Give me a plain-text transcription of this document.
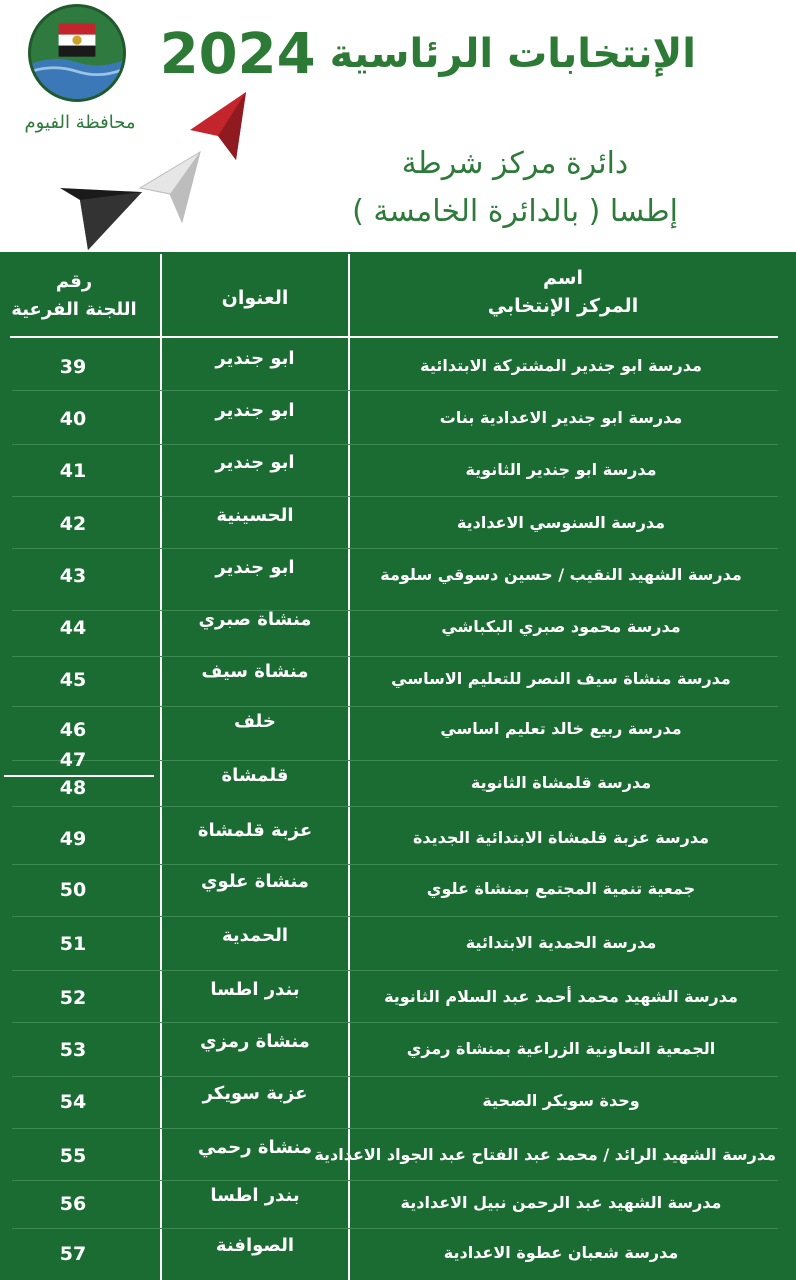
محافظة الفيوم
الإنتخابات الرئاسية2024
دائرة مركز شرطة
إطسا ( بالدائرة الخامسة )
اسم
المركز الإنتخابي
العنوان
رقم
اللجنة الفرعية
مدرسة ابو جندير المشتركة الابتدائية
ابو جندير
39
مدرسة ابو جندير الاعدادية بنات
ابو جندير
40
مدرسة ابو جندير الثانوية
ابو جندير
41
مدرسة السنوسي الاعدادية
الحسينية
42
مدرسة الشهيد النقيب / حسين دسوقي سلومة
ابو جندير
43
مدرسة محمود صبري البكباشي
منشاة صبري
44
مدرسة منشاة سيف النصر للتعليم الاساسي
منشاة سيف
45
مدرسة ربيع خالد تعليم اساسي
خلف
46
مدرسة قلمشاة الثانوية
قلمشاة
47
48
مدرسة عزبة قلمشاة الابتدائية الجديدة
عزبة قلمشاة
49
جمعية تنمية المجتمع بمنشاة علوي
منشاة علوي
50
مدرسة الحمدية الابتدائية
الحمدية
51
مدرسة الشهيد محمد أحمد عبد السلام الثانوية
بندر اطسا
52
الجمعية التعاونية الزراعية بمنشاة رمزي
منشاة رمزي
53
وحدة سويكر الصحية
عزبة سويكر
54
مدرسة الشهيد الرائد / محمد عبد الفتاح عبد الجواد الاعدادية
منشاة رحمي
55
مدرسة الشهيد عبد الرحمن نبيل الاعدادية
بندر اطسا
56
مدرسة شعبان عطوة الاعدادية
الصوافنة
57
